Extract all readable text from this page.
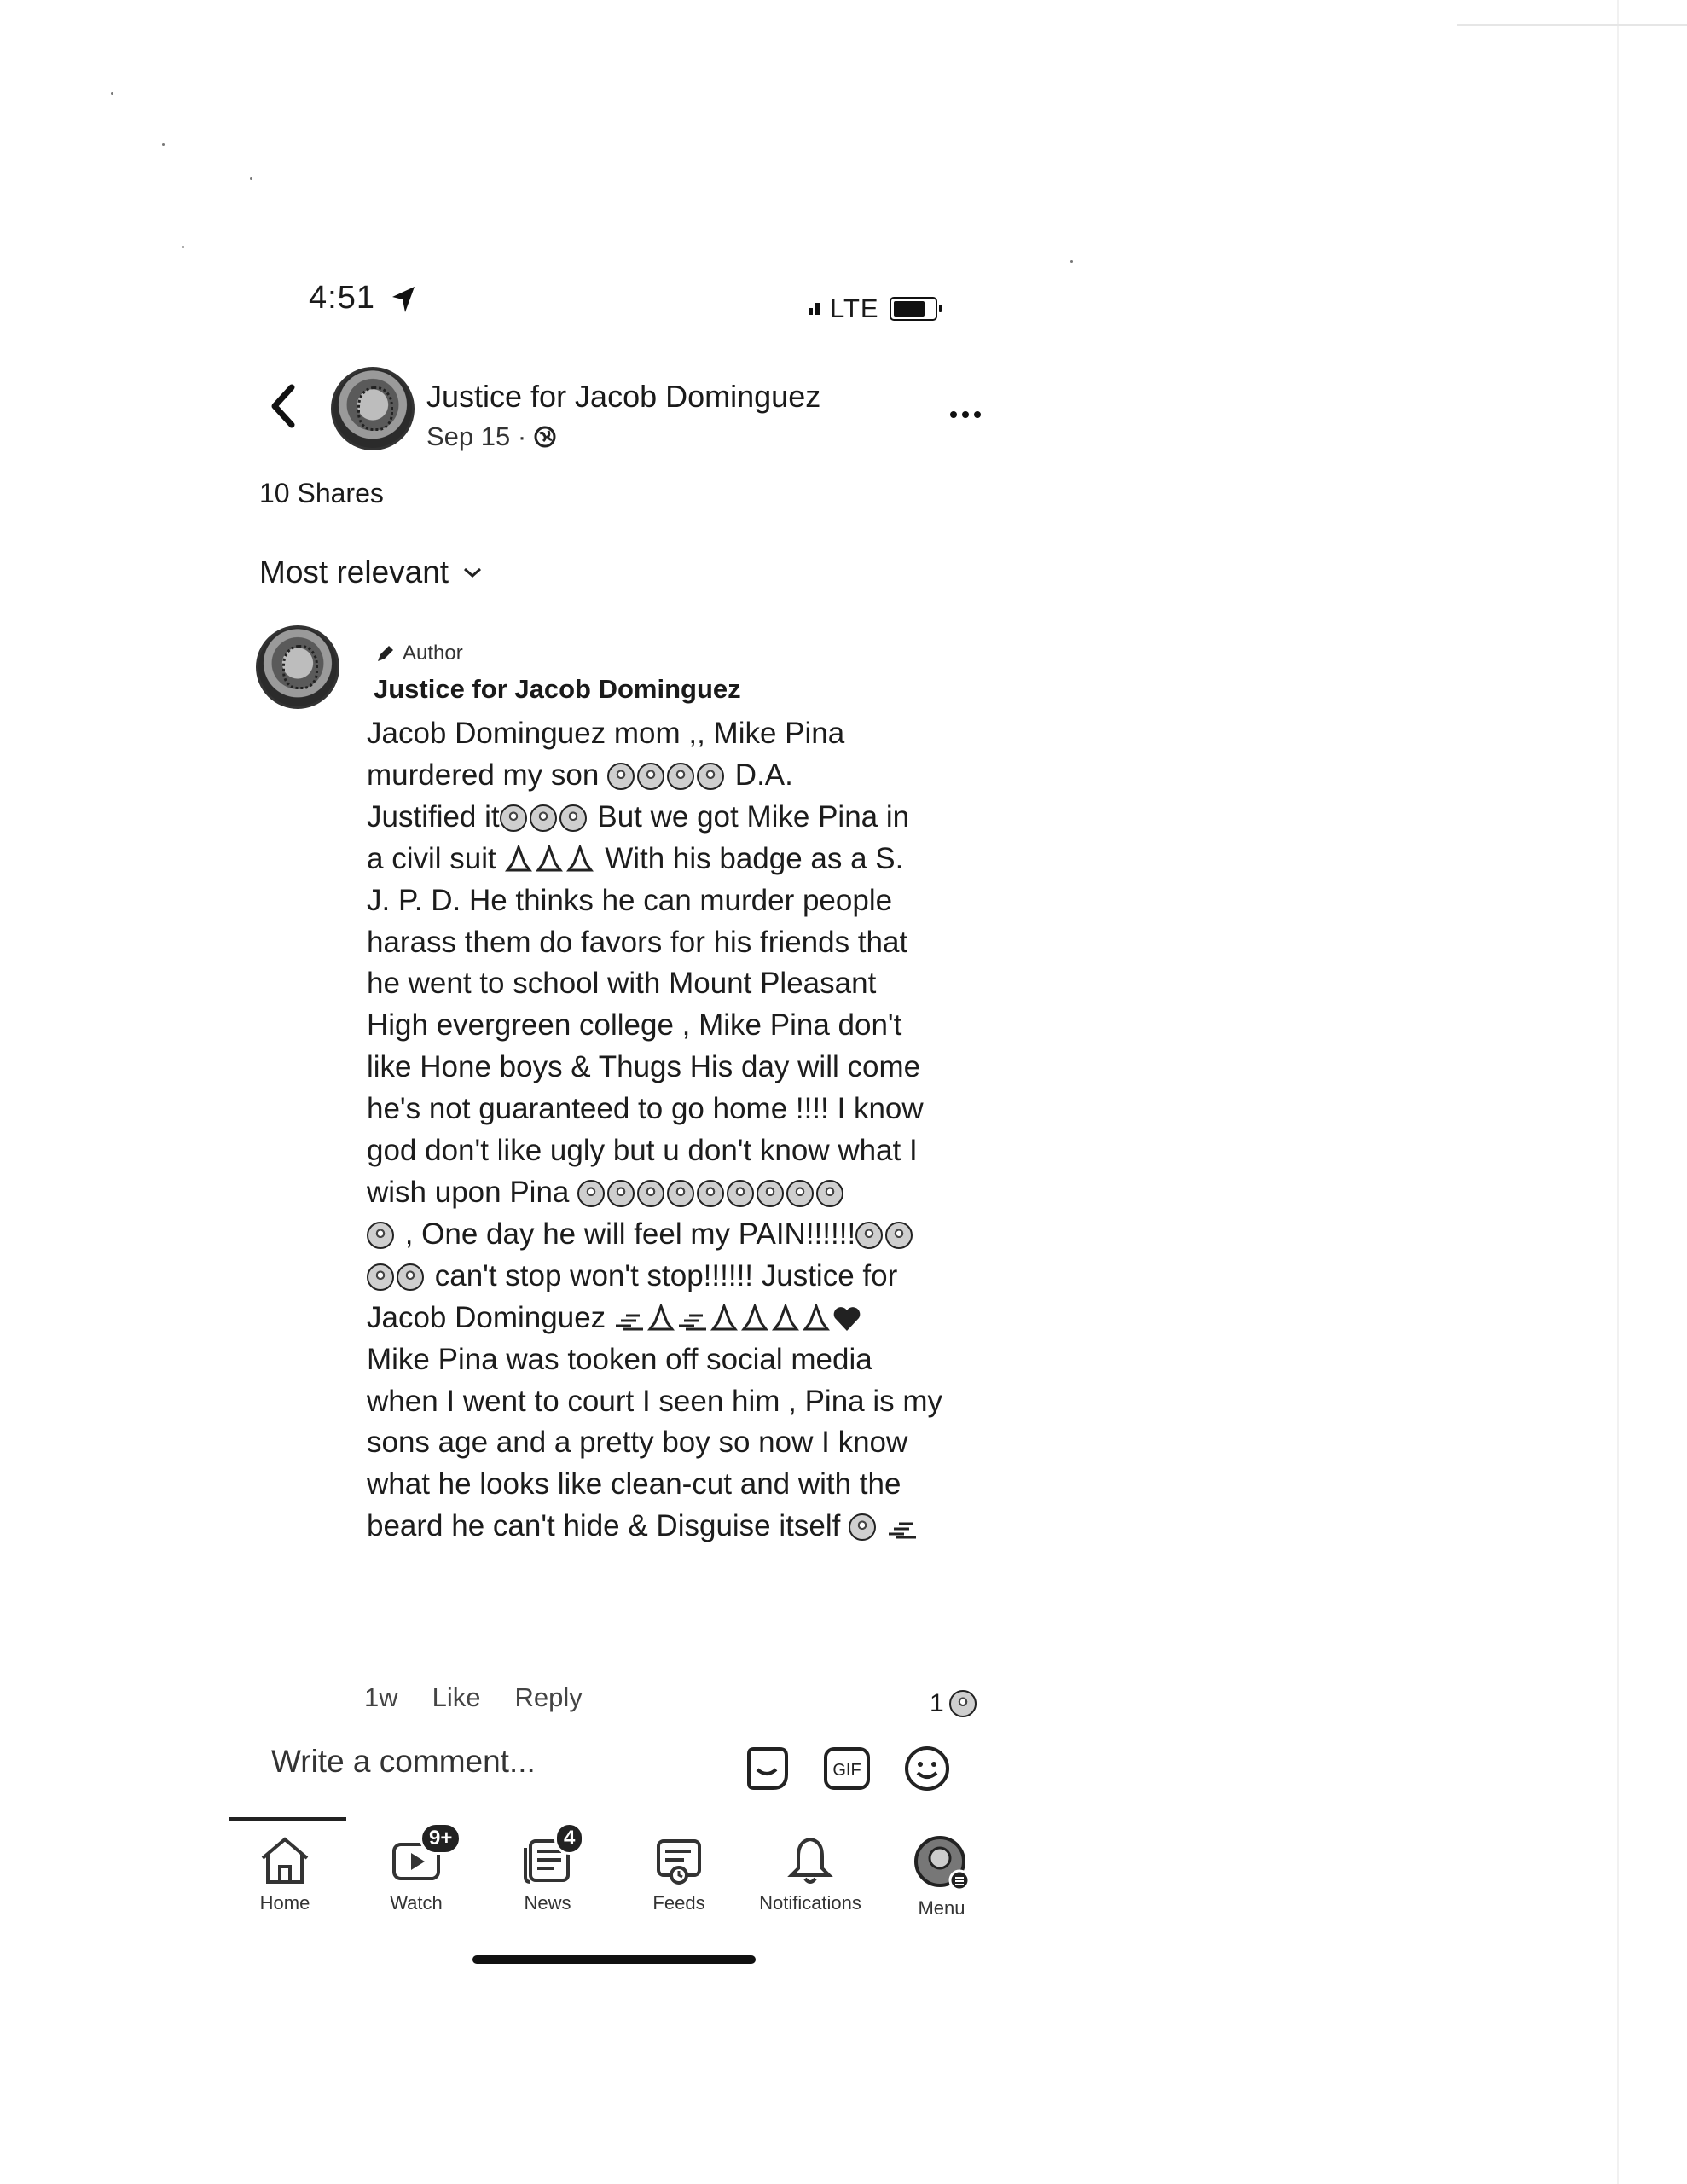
4:51	LTE
Justice for Jacob Dominguez
Sep 15 ·
10 Shares
Most relevant
Author
Justice for Jacob Dominguez
Jacob Dominguez mom ,, Mike Pina
murdered my son	D.A.
Justified it	But we got Mike Pina in
a civil suit	With his badge as a S.
J. P. D. He thinks he can murder people
harass them do favors for his friends that
he went to school with Mount Pleasant
High evergreen college , Mike Pina don't
like Hone boys & Thugs His day will come
he's not guaranteed to go home !!!! I know
god don't like ugly but u don't know what I
wish upon Pina
, One day he will feel my PAIN!!!!!!
can't stop won't stop!!!!!! Justice for
Jacob Dominguez
Mike Pina was tooken off social media
when I went to court I seen him , Pina is my
sons age and a pretty boy so now I know
what he looks like clean-cut and with the
beard he can't hide & Disguise itself
1w Like Reply	1
Write a comment...	GIF
Home
9+
Watch
4
News	Feeds	Notifications	Menu
